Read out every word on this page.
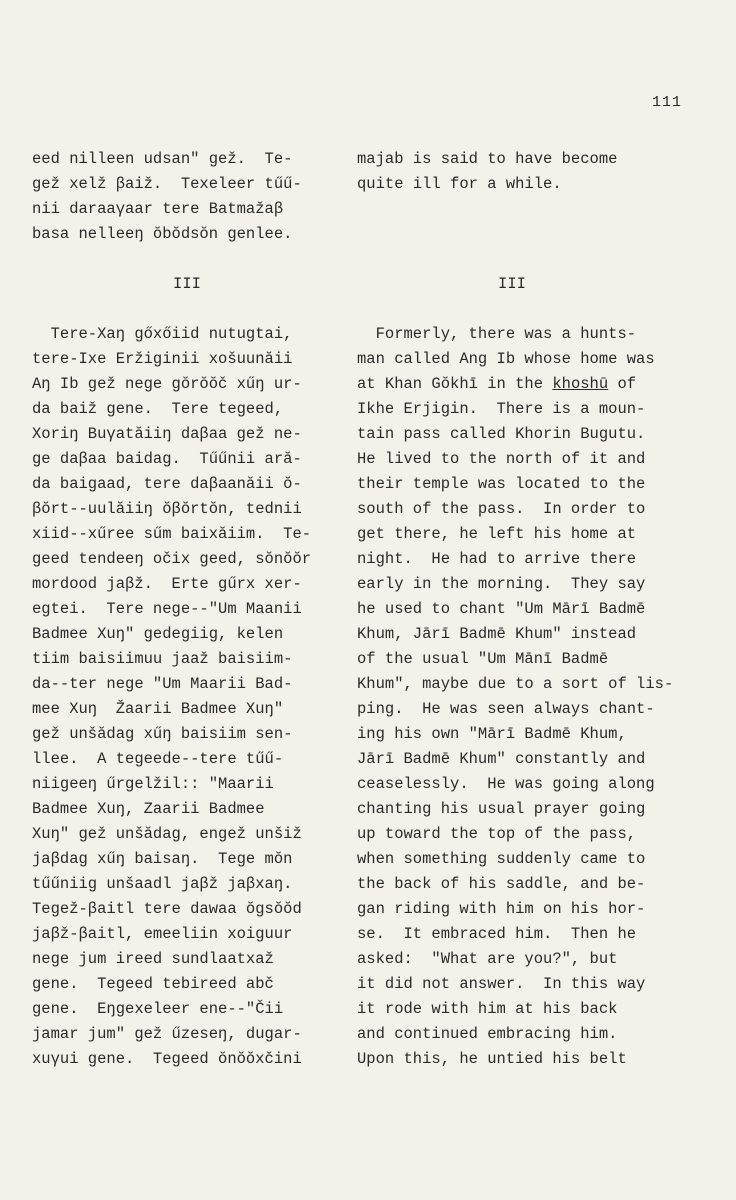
111
eed nilleen udsan" gež.  Te-
gež xelž βaiž.  Texeleer tűű-
nii daraaγaar tere Batmažaβ
basa nelleeŋ ŏbŏdsŏn genlee.
III
Tere-Xaŋ gőxőiid nutugtai,
tere-Ixe Eržiginii xošuunăii
Aŋ Ib gež nege gŏrŏŏč xűŋ ur-
da baiž gene.  Tere tegeed,
Xoriŋ Buγatăiiŋ daβaa gež ne-
ge daβaa baidag.  Tűűnii ară-
da baigaad, tere daβaanăii ŏ-
βŏrt--uulăiiŋ ŏβŏrtŏn, tednii
xiid--xűree sűm baixăiim.  Te-
geed tendeeŋ očix geed, sŏnŏŏr
mordood jaβž.  Erte gűrx xer-
egtei.  Tere nege--"Um Maanii
Badmee Xuŋ" gedegiig, kelen
tiim baisiimuu jaaž baisiim-
da--ter nege "Um Maarii Bad-
mee Xuŋ  Žaarii Badmee Xuŋ"
gež unšădag xűŋ baisiim sen-
llee.  A tegeede--tere tűű-
niigeeŋ űrgelžil:: "Maarii
Badmee Xuŋ, Zaarii Badmee
Xuŋ" gež unšădag, engež unšiž
jaβdag xűŋ baisaŋ.  Tege mŏn
tűűniig unšaadl jaβž jaβxaŋ.
Tegež-βaitl tere dawaa ŏgsŏŏd
jaβž-βaitl, emeeliin xoiguur
nege jum ireed sundlaatxaž
gene.  Tegeed tebireed abč
gene.  Eŋgexeleer ene--"Čii
jamar jum" gež űzeseŋ, dugar-
xuγui gene.  Tegeed ŏnŏŏxčini
majab is said to have become
quite ill for a while.
III
Formerly, there was a hunts-
man called Ang Ib whose home was
at Khan Gŏkhī in the khoshū of
Ikhe Erjigin.  There is a moun-
tain pass called Khorin Bugutu.
He lived to the north of it and
their temple was located to the
south of the pass.  In order to
get there, he left his home at
night.  He had to arrive there
early in the morning.  They say
he used to chant "Um Mārī Badmē
Khum, Jārī Badmē Khum" instead
of the usual "Um Mānī Badmē
Khum", maybe due to a sort of lis-
ping.  He was seen always chant-
ing his own "Mārī Badmē Khum,
Jārī Badmē Khum" constantly and
ceaselessly.  He was going along
chanting his usual prayer going
up toward the top of the pass,
when something suddenly came to
the back of his saddle, and be-
gan riding with him on his hor-
se.  It embraced him.  Then he
asked:  "What are you?", but
it did not answer.  In this way
it rode with him at his back
and continued embracing him.
Upon this, he untied his belt
